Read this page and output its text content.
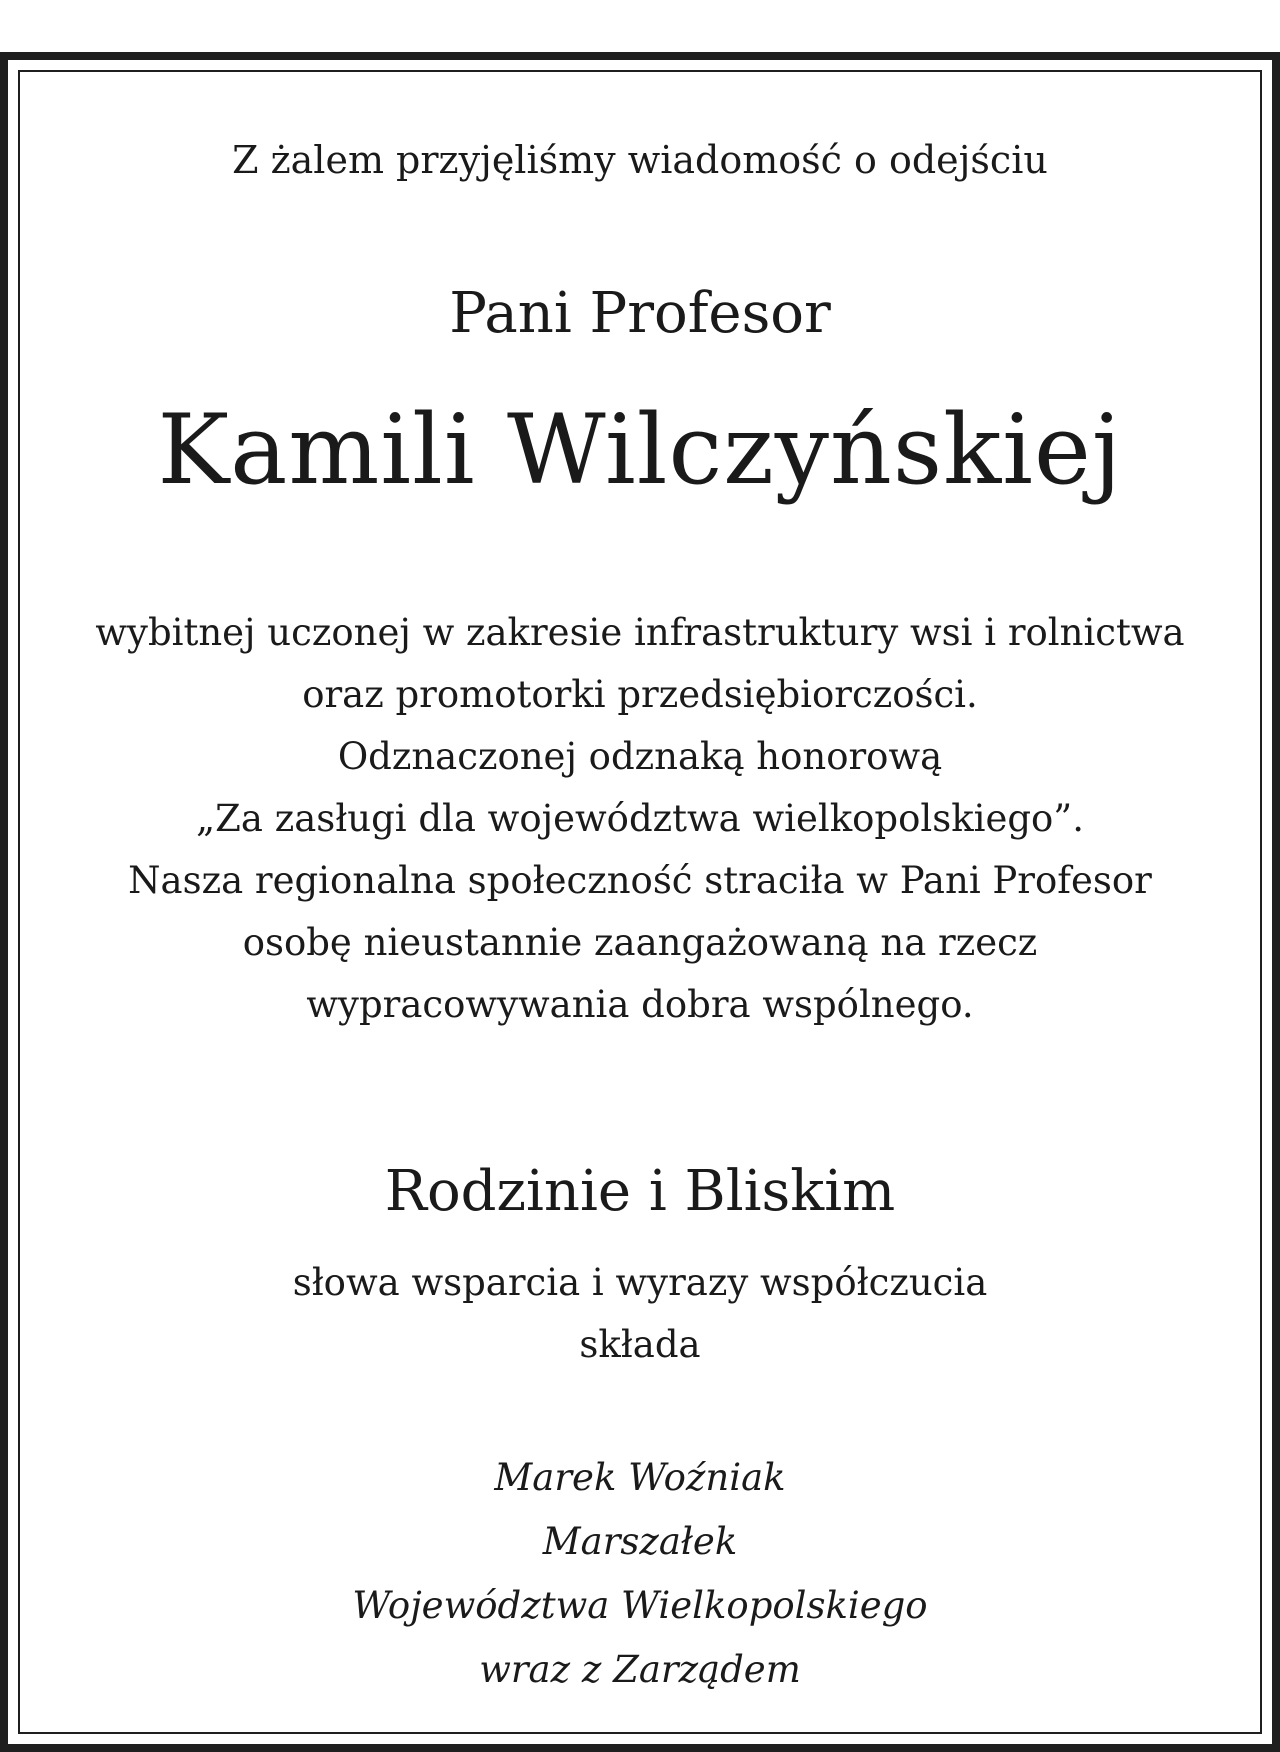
Z żalem przyjęliśmy wiadomość o odejściu
Pani Profesor
Kamili Wilczyńskiej
wybitnej uczonej w zakresie infrastruktury wsi i rolnictwa
oraz promotorki przedsiębiorczości.
Odznaczonej odznaką honorową
„Za zasługi dla województwa wielkopolskiego”.
Nasza regionalna społeczność straciła w Pani Profesor
osobę nieustannie zaangażowaną na rzecz
wypracowywania dobra wspólnego.
Rodzinie i Bliskim
słowa wsparcia i wyrazy współczucia
składa
Marek Woźniak
Marszałek
Województwa Wielkopolskiego
wraz z Zarządem
